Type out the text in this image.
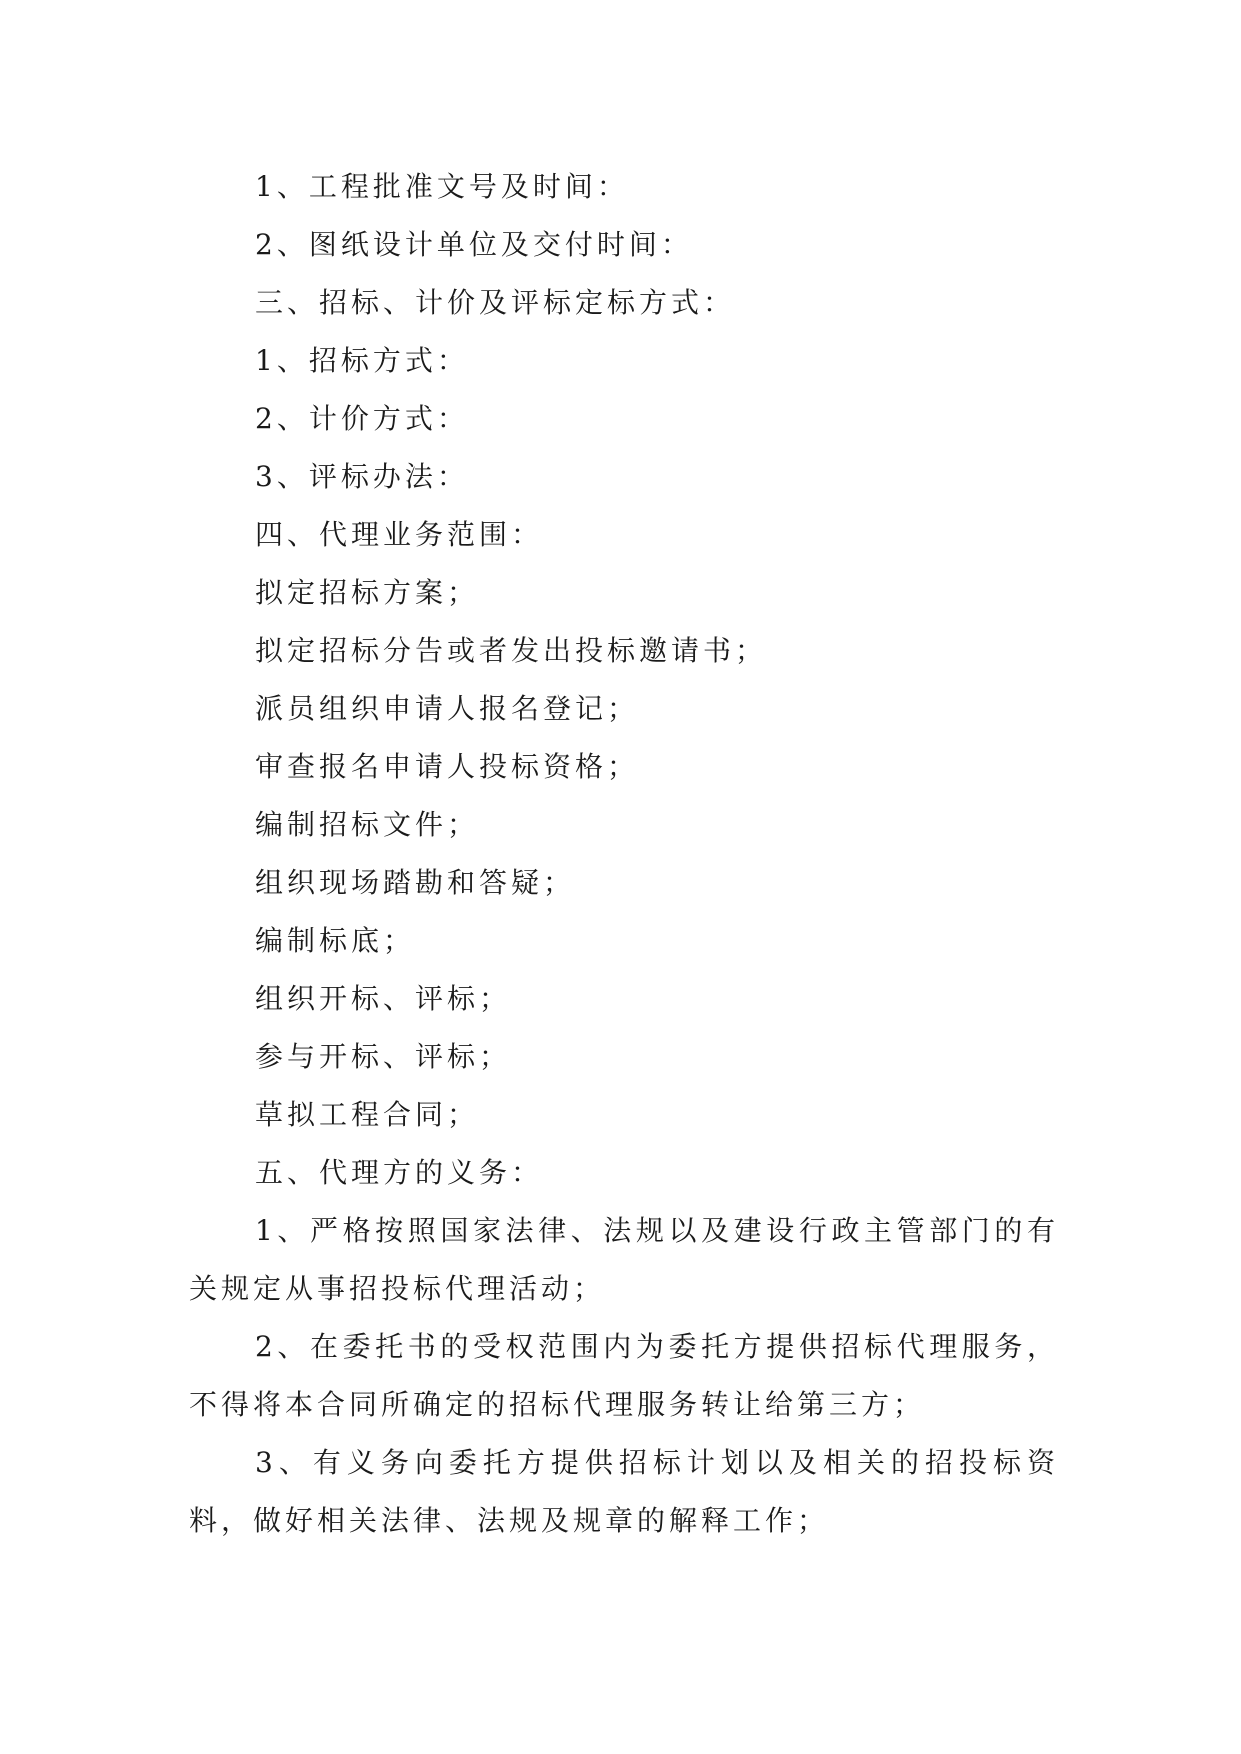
1、工程批准文号及时间：

2、图纸设计单位及交付时间：

三、招标、计价及评标定标方式：

1、招标方式：

2、计价方式：

3、评标办法：

四、代理业务范围：

拟定招标方案；

拟定招标分告或者发出投标邀请书；

派员组织申请人报名登记；

审查报名申请人投标资格；

编制招标文件；

组织现场踏勘和答疑；

编制标底；

组织开标、评标；

参与开标、评标；

草拟工程合同；

五、代理方的义务：

1、严格按照国家法律、法规以及建设行政主管部门的有关规定从事招投标代理活动；

2、在委托书的受权范围内为委托方提供招标代理服务，不得将本合同所确定的招标代理服务转让给第三方；

3、有义务向委托方提供招标计划以及相关的招投标资料，做好相关法律、法规及规章的解释工作；
